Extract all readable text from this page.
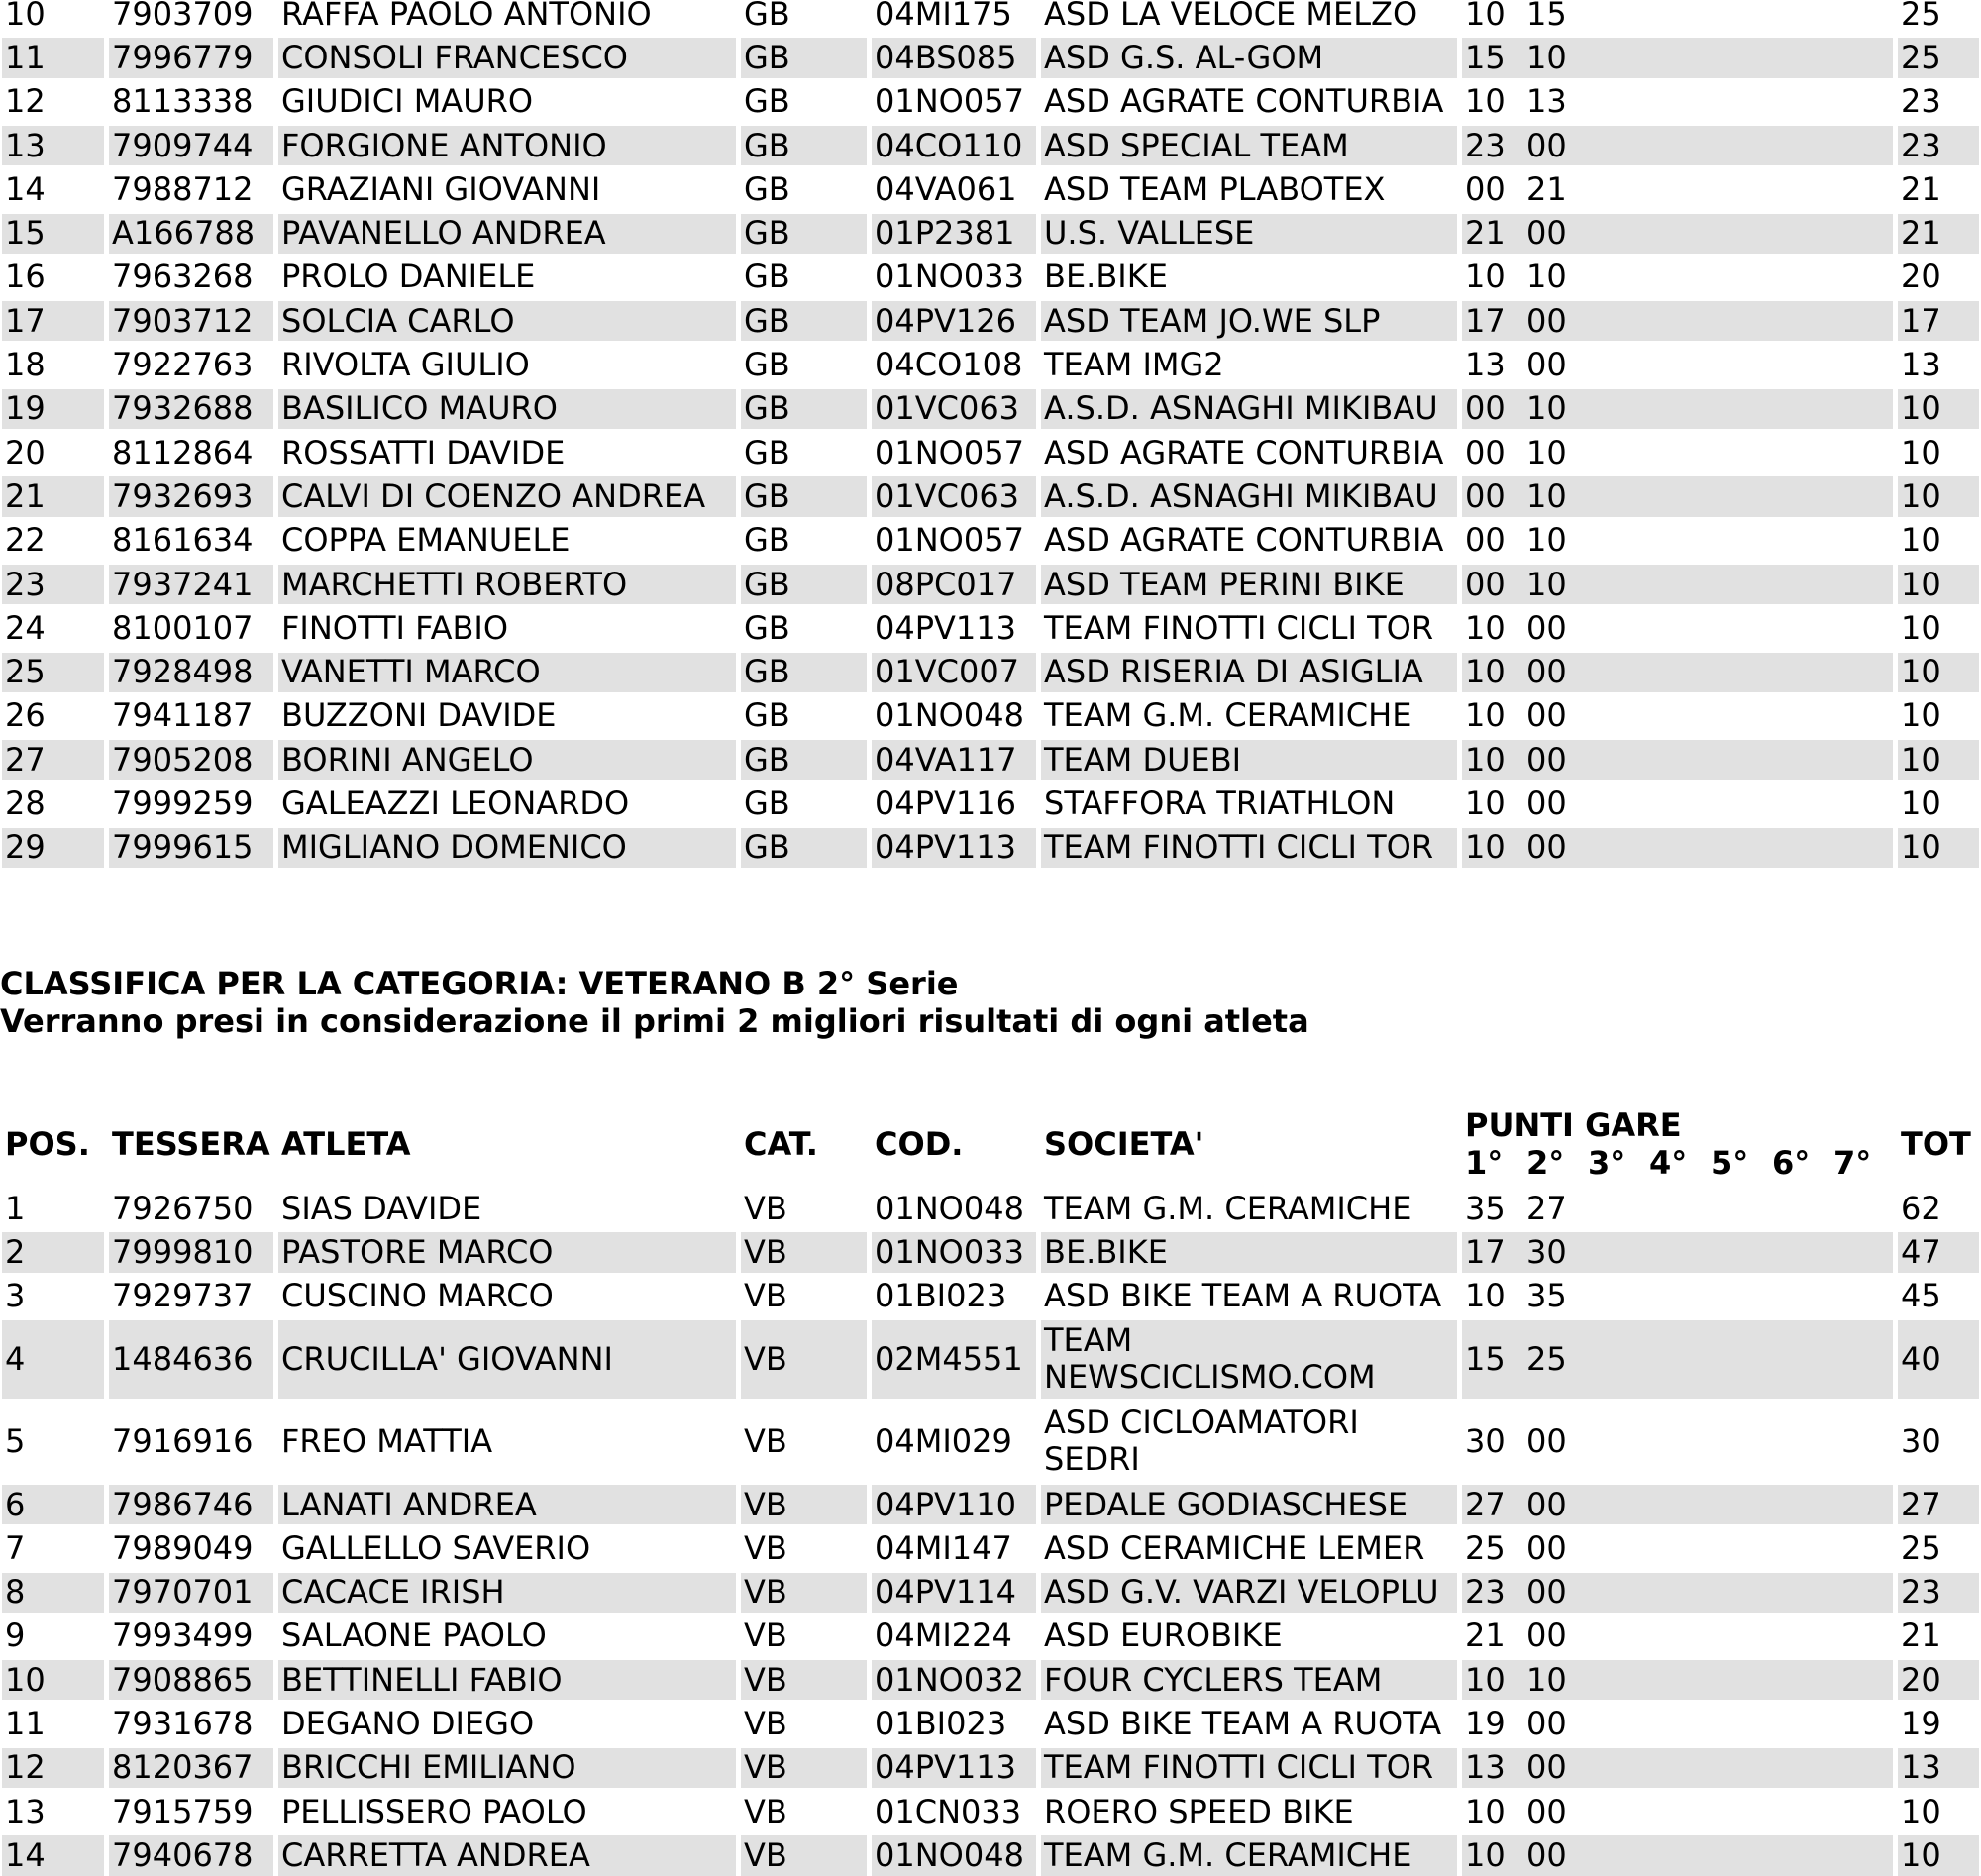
10	7903709 RAFFA PAOLO ANTONIO	GB	04MI175	ASD LA VELOCE MELZO	10 15	25
11	7996779 CONSOLI FRANCESCO	GB	04BS085 ASD G.S. AL-GOM	15 10	25
12	8113338 GIUDICI MAURO	GB	01NO057 ASD AGRATE CONTURBIA 10 13	23
13	7909744 FORGIONE ANTONIO	GB	04CO110 ASD SPECIAL TEAM	23 00	23
14	7988712 GRAZIANI GIOVANNI	GB	04VA061 ASD TEAM PLABOTEX	00 21	21
15	A166788 PAVANELLO ANDREA	GB	01P2381 U.S. VALLESE	21 00	21
16	7963268 PROLO DANIELE	GB	01NO033 BE.BIKE	10 10	20
17	7903712 SOLCIA CARLO	GB	04PV126 ASD TEAM JO.WE SLP	17 00	17
18	7922763 RIVOLTA GIULIO	GB	04CO108 TEAM IMG2	13 00	13
19	7932688 BASILICO MAURO	GB	01VC063 A.S.D. ASNAGHI MIKIBAU 00 10	10
20	8112864 ROSSATTI DAVIDE	GB	01NO057 ASD AGRATE CONTURBIA 00 10	10
21	7932693 CALVI DI COENZO ANDREA	GB	01VC063 A.S.D. ASNAGHI MIKIBAU 00 10	10
22	8161634 COPPA EMANUELE	GB	01NO057 ASD AGRATE CONTURBIA 00 10	10
23	7937241 MARCHETTI ROBERTO	GB	08PC017 ASD TEAM PERINI BIKE	00 10	10
24	8100107 FINOTTI FABIO	GB	04PV113 TEAM FINOTTI CICLI TOR 10 00	10
25	7928498 VANETTI MARCO	GB	01VC007 ASD RISERIA DI ASIGLIA	10 00	10
26	7941187 BUZZONI DAVIDE	GB	01NO048 TEAM G.M. CERAMICHE	10 00	10
27	7905208 BORINI ANGELO	GB	04VA117 TEAM DUEBI	10 00	10
28	7999259 GALEAZZI LEONARDO	GB	04PV116 STAFFORA TRIATHLON	10 00	10
29	7999615 MIGLIANO DOMENICO	GB	04PV113 TEAM FINOTTI CICLI TOR 10 00	10
CLASSIFICA PER LA CATEGORIA: VETERANO B 2° Serie
Verranno presi in considerazione il primi 2 migliori risultati di ogni atleta
POS. TESSERA ATLETA	CAT. COD.	SOCIETA'	PUNTI GARE
1° 2° 3° 4° 5° 6° 7° TOT
1	7926750 SIAS DAVIDE	VB	01NO048 TEAM G.M. CERAMICHE	35 27	62
2	7999810 PASTORE MARCO	VB	01NO033 BE.BIKE	17 30	47
3	7929737 CUSCINO MARCO	VB	01BI023	ASD BIKE TEAM A RUOTA 10 35	45
4	1484636 CRUCILLA' GIOVANNI	VB	02M4551 TEAM NEWSCICLISMO.COM	15 25	40
5	7916916 FREO MATTIA	VB	04MI029	ASD CICLOAMATORI SEDRI	30 00	30
6	7986746 LANATI ANDREA	VB	04PV110 PEDALE GODIASCHESE	27 00	27
7	7989049 GALLELLO SAVERIO	VB	04MI147	ASD CERAMICHE LEMER	25 00	25
8	7970701 CACACE IRISH	VB	04PV114 ASD G.V. VARZI VELOPLU 23 00	23
9	7993499 SALAONE PAOLO	VB	04MI224	ASD EUROBIKE	21 00	21
10	7908865 BETTINELLI FABIO	VB	01NO032 FOUR CYCLERS TEAM	10 10	20
11	7931678 DEGANO DIEGO	VB	01BI023	ASD BIKE TEAM A RUOTA 19 00	19
12	8120367 BRICCHI EMILIANO	VB	04PV113 TEAM FINOTTI CICLI TOR 13 00	13
13	7915759 PELLISSERO PAOLO	VB	01CN033 ROERO SPEED BIKE	10 00	10
14	7940678 CARRETTA ANDREA	VB	01NO048 TEAM G.M. CERAMICHE	10 00	10
